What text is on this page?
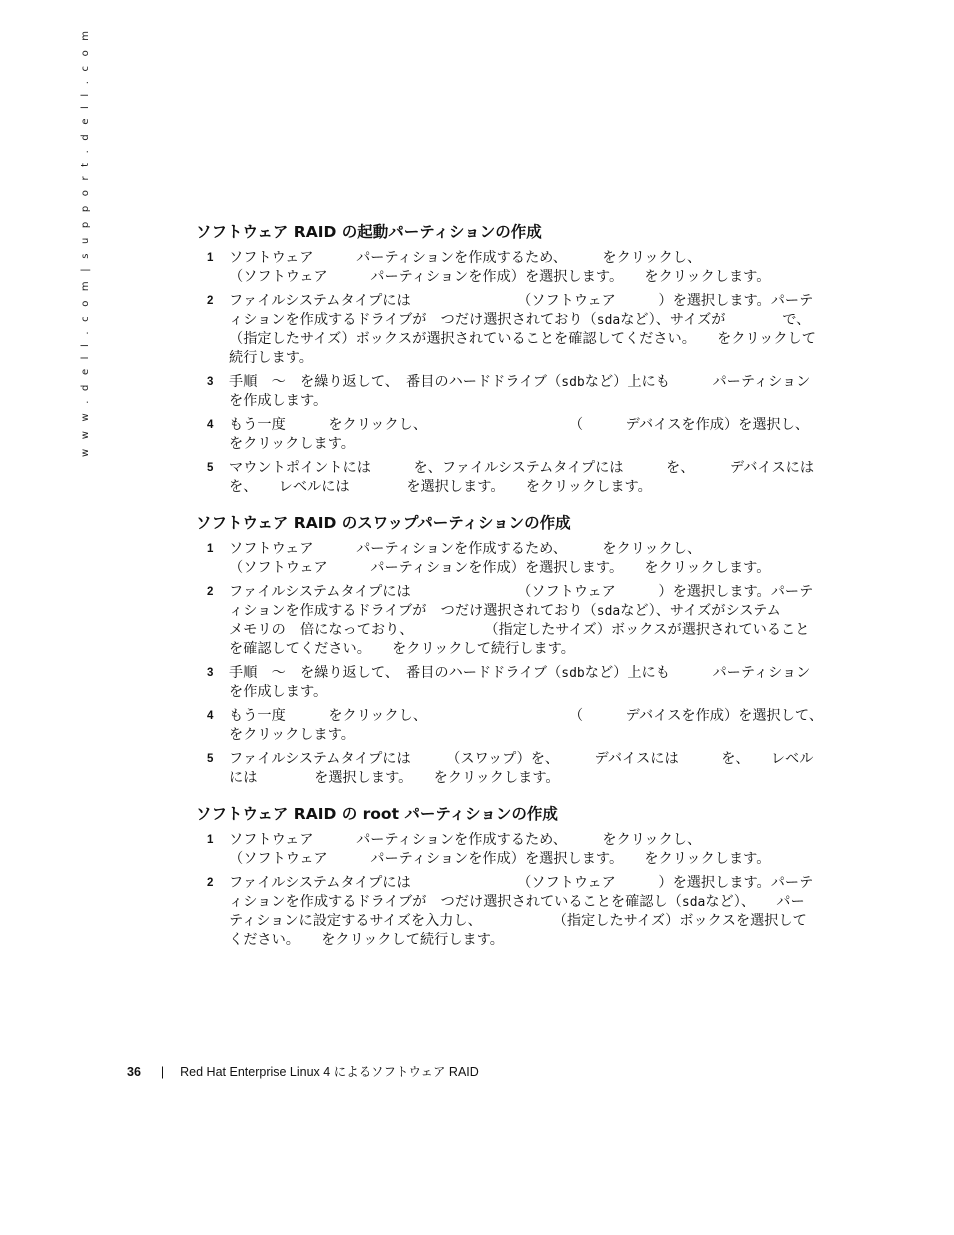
w w w . d e l l . c o m | s u p p o r t . d e l l . c o m	ソフトウェア RAID の起動パーティションの作成
1 ソフトウェア　　　パーティションを作成するため、　　　をクリックし、　　　　　　　　　　　　　　　　（ソフトウェア　　　パーティションを作成）を選択します。　　をクリックします。
2 ファイルシステムタイプには　　　　　　　　（ソフトウェア　　　）を選択します。パーティションを作成するドライブが　つだけ選択されており（sdaなど）、サイズが　　　　で、　　　　　（指定したサイズ）ボックスが選択されていることを確認してください。　　をクリックして続行します。
3 手順　～　を繰り返して、　番目のハードドライブ（sdbなど）上にも　　　パーティションを作成します。
4 もう一度　　　をクリックし、　　　　　　　　　　　（　　　デバイスを作成）を選択し、　　をクリックします。
5 マウントポイントには　　　を、ファイルシステムタイプには　　　を、　　　デバイスには　　　を、　　レベルには　　　　を選択します。　　をクリックします。
ソフトウェア RAID のスワップパーティションの作成
1 ソフトウェア　　　パーティションを作成するため、　　　をクリックし、　　　　　　　　　　　　　　　　（ソフトウェア　　　パーティションを作成）を選択します。　　をクリックします。
2 ファイルシステムタイプには　　　　　　　　（ソフトウェア　　　）を選択します。パーティションを作成するドライブが　つだけ選択されており（sdaなど）、サイズがシステム　　　メモリの　倍になっており、　　　　　　（指定したサイズ）ボックスが選択されていることを確認してください。　　をクリックして続行します。
3 手順　～　を繰り返して、　番目のハードドライブ（sdbなど）上にも　　　パーティションを作成します。
4 もう一度　　　をクリックし、　　　　　　　　　　　（　　　デバイスを作成）を選択して、　　をクリックします。
5 ファイルシステムタイプには　　　（スワップ）を、　　　デバイスには　　　を、　　レベルには　　　　を選択します。　　をクリックします。
ソフトウェア RAID の root パーティションの作成
1 ソフトウェア　　　パーティションを作成するため、　　　をクリックし、　　　　　　　　　　　　　　　　（ソフトウェア　　　パーティションを作成）を選択します。　　をクリックします。
2 ファイルシステムタイプには　　　　　　　　（ソフトウェア　　　）を選択します。パーティションを作成するドライブが　つだけ選択されていることを確認し（sdaなど）、　　パーティションに設定するサイズを入力し、　　　　　　（指定したサイズ）ボックスを選択してください。　　をクリックして続行します。
36 | Red Hat Enterprise Linux 4 によるソフトウェア RAID
